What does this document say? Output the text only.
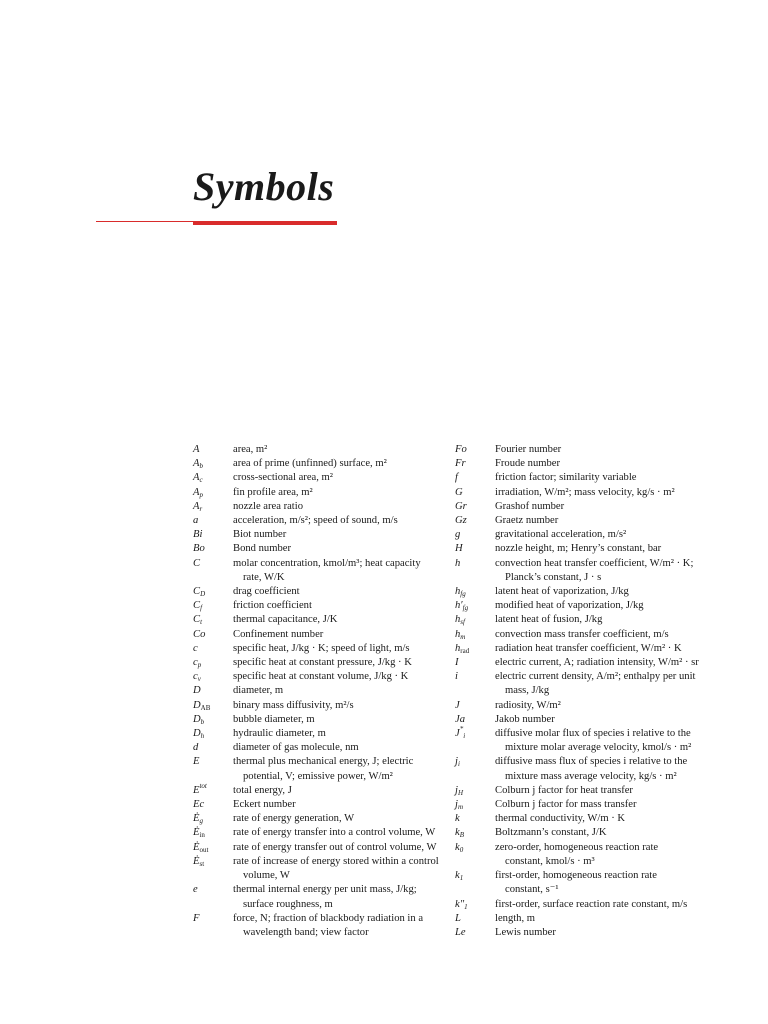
Symbols
A	area, m²
$A_b$	area of prime (unfinned) surface, m²
$A_c$	cross-sectional area, m²
$A_p$	fin profile area, m²
$A_r$	nozzle area ratio
a	acceleration, m/s²; speed of sound, m/s
Bi	Biot number
Bo	Bond number
C	molar concentration, kmol/m³; heat capacity
rate, W/K
$C_D$	drag coefficient
$C_f$	friction coefficient
$C_t$	thermal capacitance, J/K
Co	Confinement number
c	specific heat, J/kg · K; speed of light, m/s
$c_p$	specific heat at constant pressure, J/kg · K
$c_v$	specific heat at constant volume, J/kg · K
D	diameter, m
$D_{AB}$	binary mass diffusivity, m²/s
$D_b$	bubble diameter, m
$D_h$	hydraulic diameter, m
d	diameter of gas molecule, nm
E	thermal plus mechanical energy, J; electric
potential, V; emissive power, W/m²
$E^{tot}$	total energy, J
Ec	Eckert number
$Ė_g$	rate of energy generation, W
$Ė_{in}$	rate of energy transfer into a control volume, W
$Ė_{out}$	rate of energy transfer out of control volume, W
$Ė_{st}$	rate of increase of energy stored within a control
volume, W
e	thermal internal energy per unit mass, J/kg;
surface roughness, m
F	force, N; fraction of blackbody radiation in a
wavelength band; view factor
Fo	Fourier number
Fr	Froude number
f	friction factor; similarity variable
G	irradiation, W/m²; mass velocity, kg/s · m²
Gr	Grashof number
Gz	Graetz number
g	gravitational acceleration, m/s²
H	nozzle height, m; Henry’s constant, bar
h	convection heat transfer coefficient, W/m² · K;
Planck’s constant, J · s
$h_{fg}$	latent heat of vaporization, J/kg
$h'_{fg}$	modified heat of vaporization, J/kg
$h_{sf}$	latent heat of fusion, J/kg
$h_m$	convection mass transfer coefficient, m/s
$h_{rad}$	radiation heat transfer coefficient, W/m² · K
I	electric current, A; radiation intensity, W/m² · sr
i	electric current density, A/m²; enthalpy per unit
mass, J/kg
J	radiosity, W/m²
Ja	Jakob number
$J^*_i$	diffusive molar flux of species i relative to the
mixture molar average velocity, kmol/s · m²
$j_i$	diffusive mass flux of species i relative to the
mixture mass average velocity, kg/s · m²
$j_H$	Colburn j factor for heat transfer
$j_m$	Colburn j factor for mass transfer
k	thermal conductivity, W/m · K
$k_B$	Boltzmann’s constant, J/K
$k_0$	zero-order, homogeneous reaction rate
constant, kmol/s · m³
$k_1$	first-order, homogeneous reaction rate
constant, s⁻¹
$k''_1$	first-order, surface reaction rate constant, m/s
L	length, m
Le	Lewis number
